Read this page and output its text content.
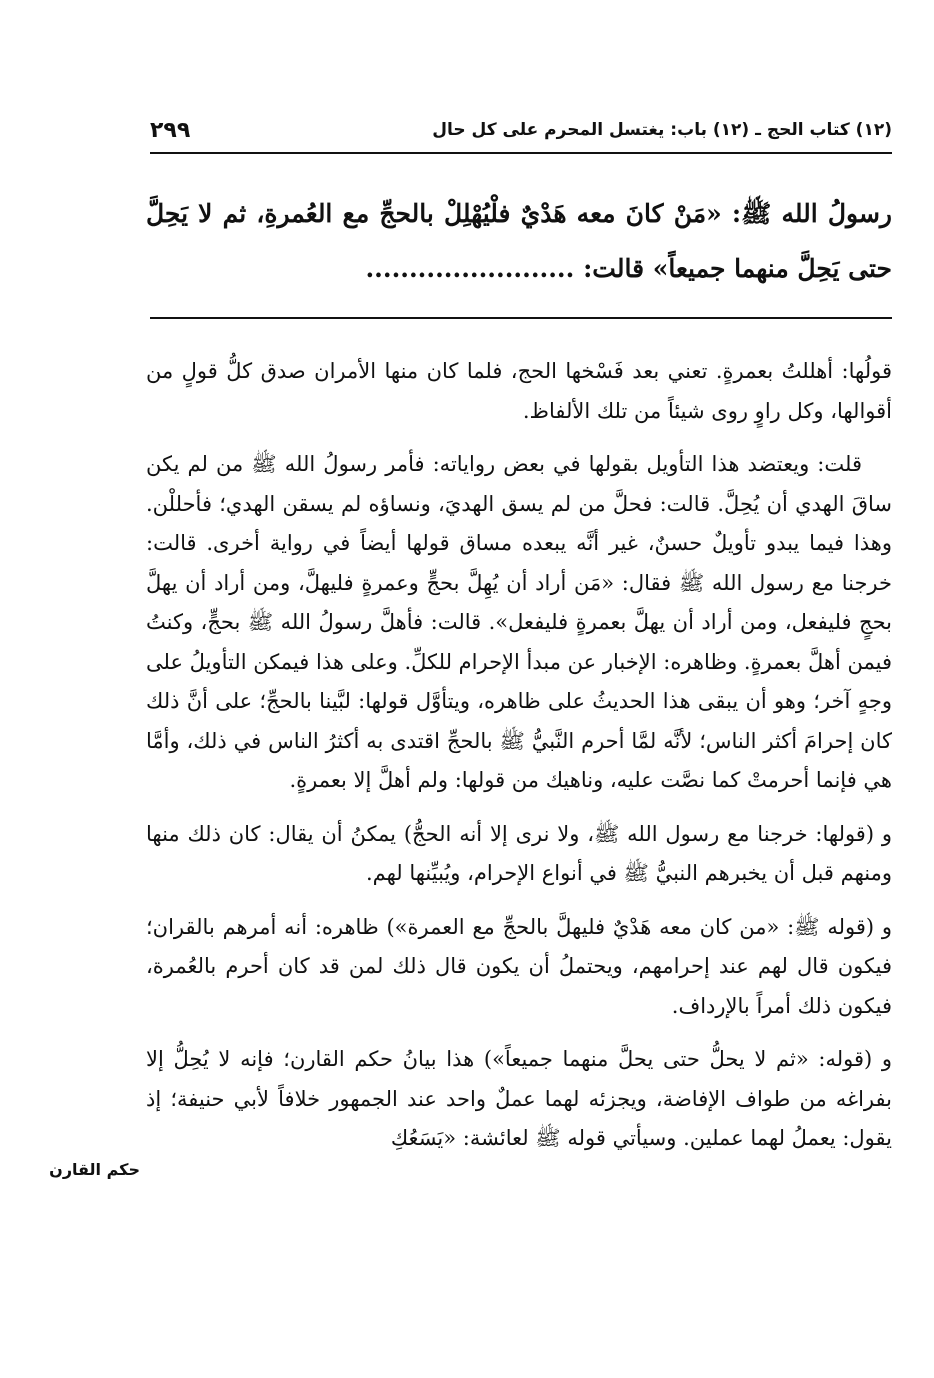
٢٩٩	(١٢) كتاب الحج ـ (١٢) باب: يغتسل المحرم على كل حال
رسولُ الله ﷺ: «مَنْ كانَ معه هَدْيٌ فلْيُهْلِلْ بالحجِّ مع العُمرةِ، ثم لا يَحِلَّ حتى يَحِلَّ منهما جميعاً» قالت: ........................

قولُها: أهللتُ بعمرةٍ. تعني بعد فَسْخها الحج، فلما كان منها الأمران صدق كلُّ قولٍ من أقوالها، وكل راوٍ روى شيئاً من تلك الألفاظ.

قلت: ويعتضد هذا التأويل بقولها في بعض رواياته: فأمر رسولُ الله ﷺ من لم يكن ساقَ الهدي أن يُحِلَّ. قالت: فحلَّ من لم يسق الهديَ، ونساؤه لم يسقن الهدي؛ فأحللْن. وهذا فيما يبدو تأويلٌ حسنٌ، غير أنَّه يبعده مساق قولها أيضاً في رواية أخرى. قالت: خرجنا مع رسول الله ﷺ فقال: «مَن أراد أن يُهِلَّ بحجٍّ وعمرةٍ فليهلَّ، ومن أراد أن يهلَّ بحجٍ فليفعل، ومن أراد أن يهلَّ بعمرةٍ فليفعل». قالت: فأهلَّ رسولُ الله ﷺ بحجٍّ، وكنتُ فيمن أهلَّ بعمرةٍ. وظاهره: الإخبار عن مبدأ الإحرام للكلِّ. وعلى هذا فيمكن التأويلُ على وجهٍ آخر؛ وهو أن يبقى هذا الحديثُ على ظاهره، ويتأوَّل قولها: لبَّينا بالحجِّ؛ على أنَّ ذلك كان إحرامَ أكثر الناس؛ لأنَّه لمَّا أحرم النَّبيُّ ﷺ بالحجِّ اقتدى به أكثرُ الناس في ذلك، وأمَّا هي فإنما أحرمتْ كما نصَّت عليه، وناهيك من قولها: ولم أهلَّ إلا بعمرةٍ.

و (قولها: خرجنا مع رسول الله ﷺ، ولا نرى إلا أنه الحجُّ) يمكنُ أن يقال: كان ذلك منها ومنهم قبل أن يخبرهم النبيُّ ﷺ في أنواع الإحرام، ويُبيِّنها لهم.

و (قوله ﷺ: «من كان معه هَدْيٌ فليهلَّ بالحجِّ مع العمرة») ظاهره: أنه أمرهم بالقران؛ فيكون قال لهم عند إحرامهم، ويحتملُ أن يكون قال ذلك لمن قد كان أحرم بالعُمرة، فيكون ذلك أمراً بالإرداف.

و (قوله: «ثم لا يحلُّ حتى يحلَّ منهما جميعاً») هذا بيانُ حكم القارن؛ فإنه لا يُحِلُّ إلا بفراغه من طواف الإفاضة، ويجزئه لهما عملٌ واحد عند الجمهور خلافاً لأبي حنيفة؛ إذ يقول: يعملُ لهما عملين. وسيأتي قوله ﷺ لعائشة: «يَسَعُكِ

حكم القارن
